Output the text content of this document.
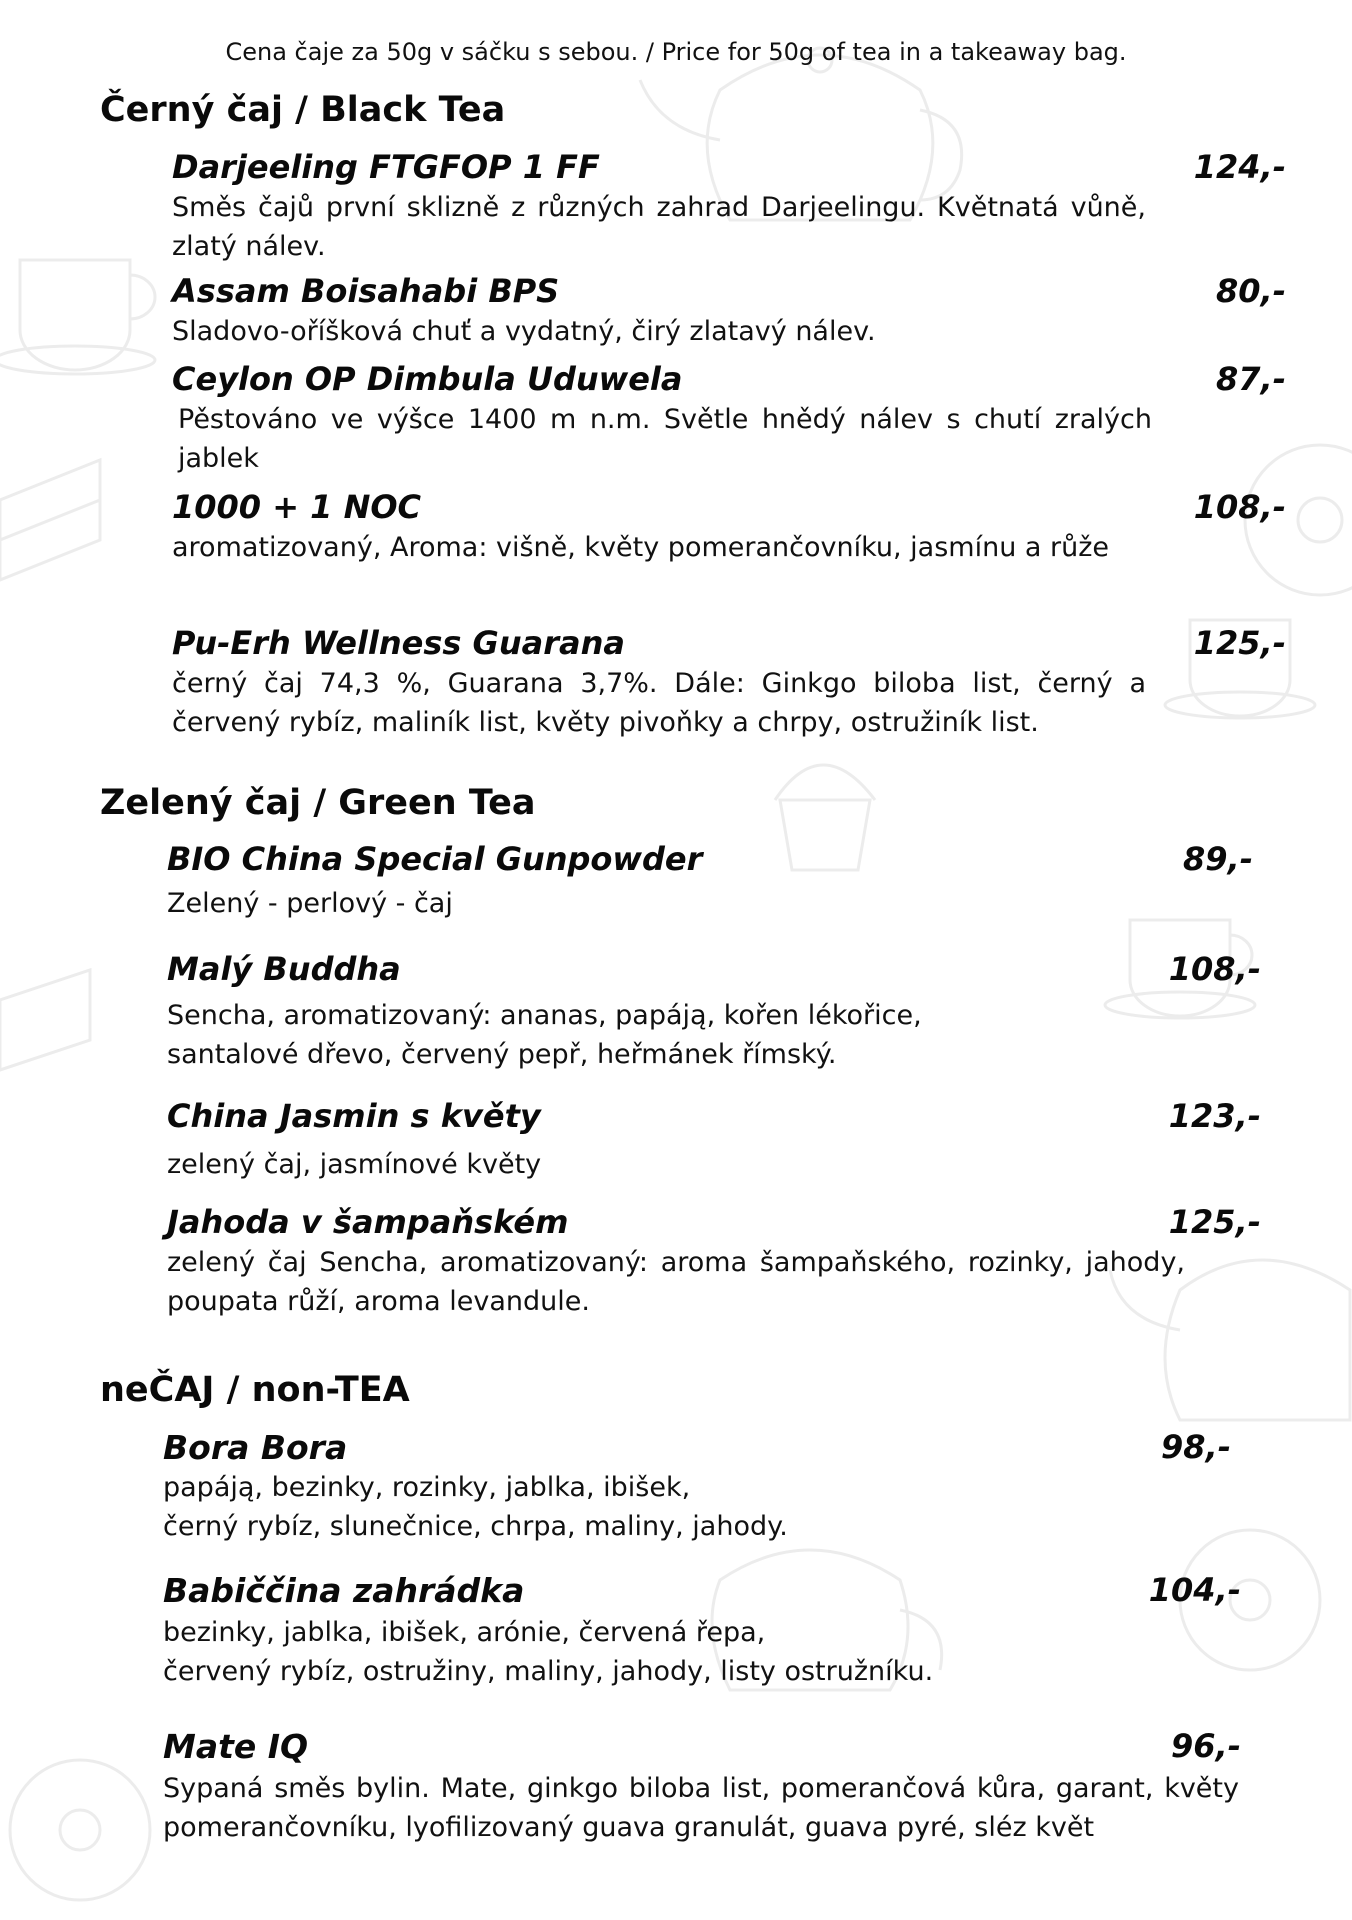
Cena čaje za 50g v sáčku s sebou. / Price for 50g of tea in a takeaway bag.
Černý čaj / Black Tea
Darjeeling FTGFOP 1 FF	124,-
Směs čajů první sklizně z různých zahrad Darjeelingu. Květnatá vůně, zlatý nálev.
Assam Boisahabi BPS	80,-
Sladovo-oříšková chuť a vydatný, čirý zlatavý nálev.
Ceylon OP Dimbula Uduwela	87,-
Pěstováno ve výšce 1400 m n.m. Světle hnědý nálev s chutí zralých jablek
1000 + 1 NOC	108,-
aromatizovaný, Aroma: višně, květy pomerančovníku, jasmínu a růže
Pu-Erh Wellness Guarana	125,-
černý čaj 74,3 %, Guarana 3,7%. Dále: Ginkgo biloba list, černý a červený rybíz, maliník list, květy pivoňky a chrpy, ostružiník list.
Zelený čaj / Green Tea
BIO China Special Gunpowder	89,-
Zelený - perlový - čaj
Malý Buddha	108,-
Sencha, aromatizovaný: ananas, papáją, kořen lékořice,
santalové dřevo, červený pepř, heřmánek římský.
China Jasmin s květy	123,-
zelený čaj, jasmínové květy
Jahoda v šampaňském	125,-
zelený čaj Sencha, aromatizovaný: aroma šampaňského, rozinky, jahody, poupata růží, aroma levandule.
neČAJ / non-TEA
Bora Bora	98,-
papáją, bezinky, rozinky, jablka, ibišek,
černý rybíz, slunečnice, chrpa, maliny, jahody.
Babiččina zahrádka	104,-
bezinky, jablka, ibišek, arónie, červená řepa,
červený rybíz, ostružiny, maliny, jahody, listy ostružníku.
Mate IQ	96,-
Sypaná směs bylin. Mate, ginkgo biloba list, pomerančová kůra, garant, květy pomerančovníku, lyofilizovaný guava granulát, guava pyré, sléz květ
